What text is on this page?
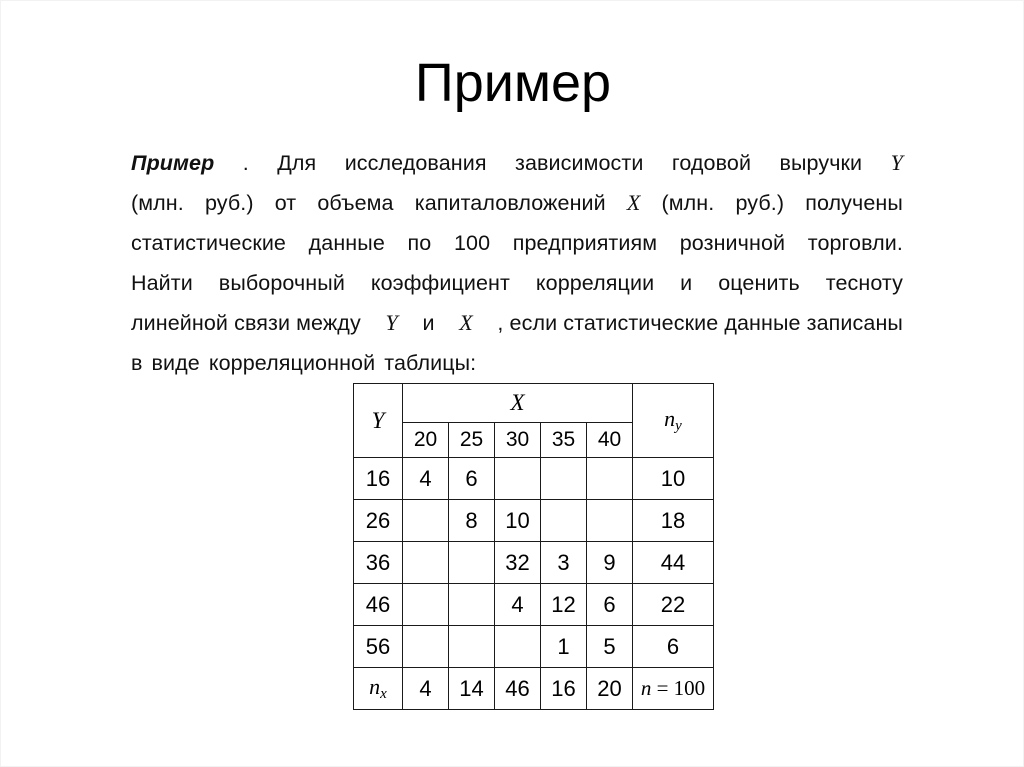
Пример
Пример . Для исследования зависимости годовой выручки Y
(млн. руб.) от объема капиталовложений X (млн. руб.) получены
статистические данные по 100 предприятиям розничной торговли.
Найти выборочный коэффициент корреляции и оценить тесноту
линейной связи между Y и X , если статистические данные записаны
в виде корреляционной таблицы:
Y	X					$n_y$
	20	25	30	35	40	
16	4	6				10
26		8	10			18
36			32	3	9	44
46			4	12	6	22
56				1	5	6
$n_x$	4	14	46	16	20	n = 100
